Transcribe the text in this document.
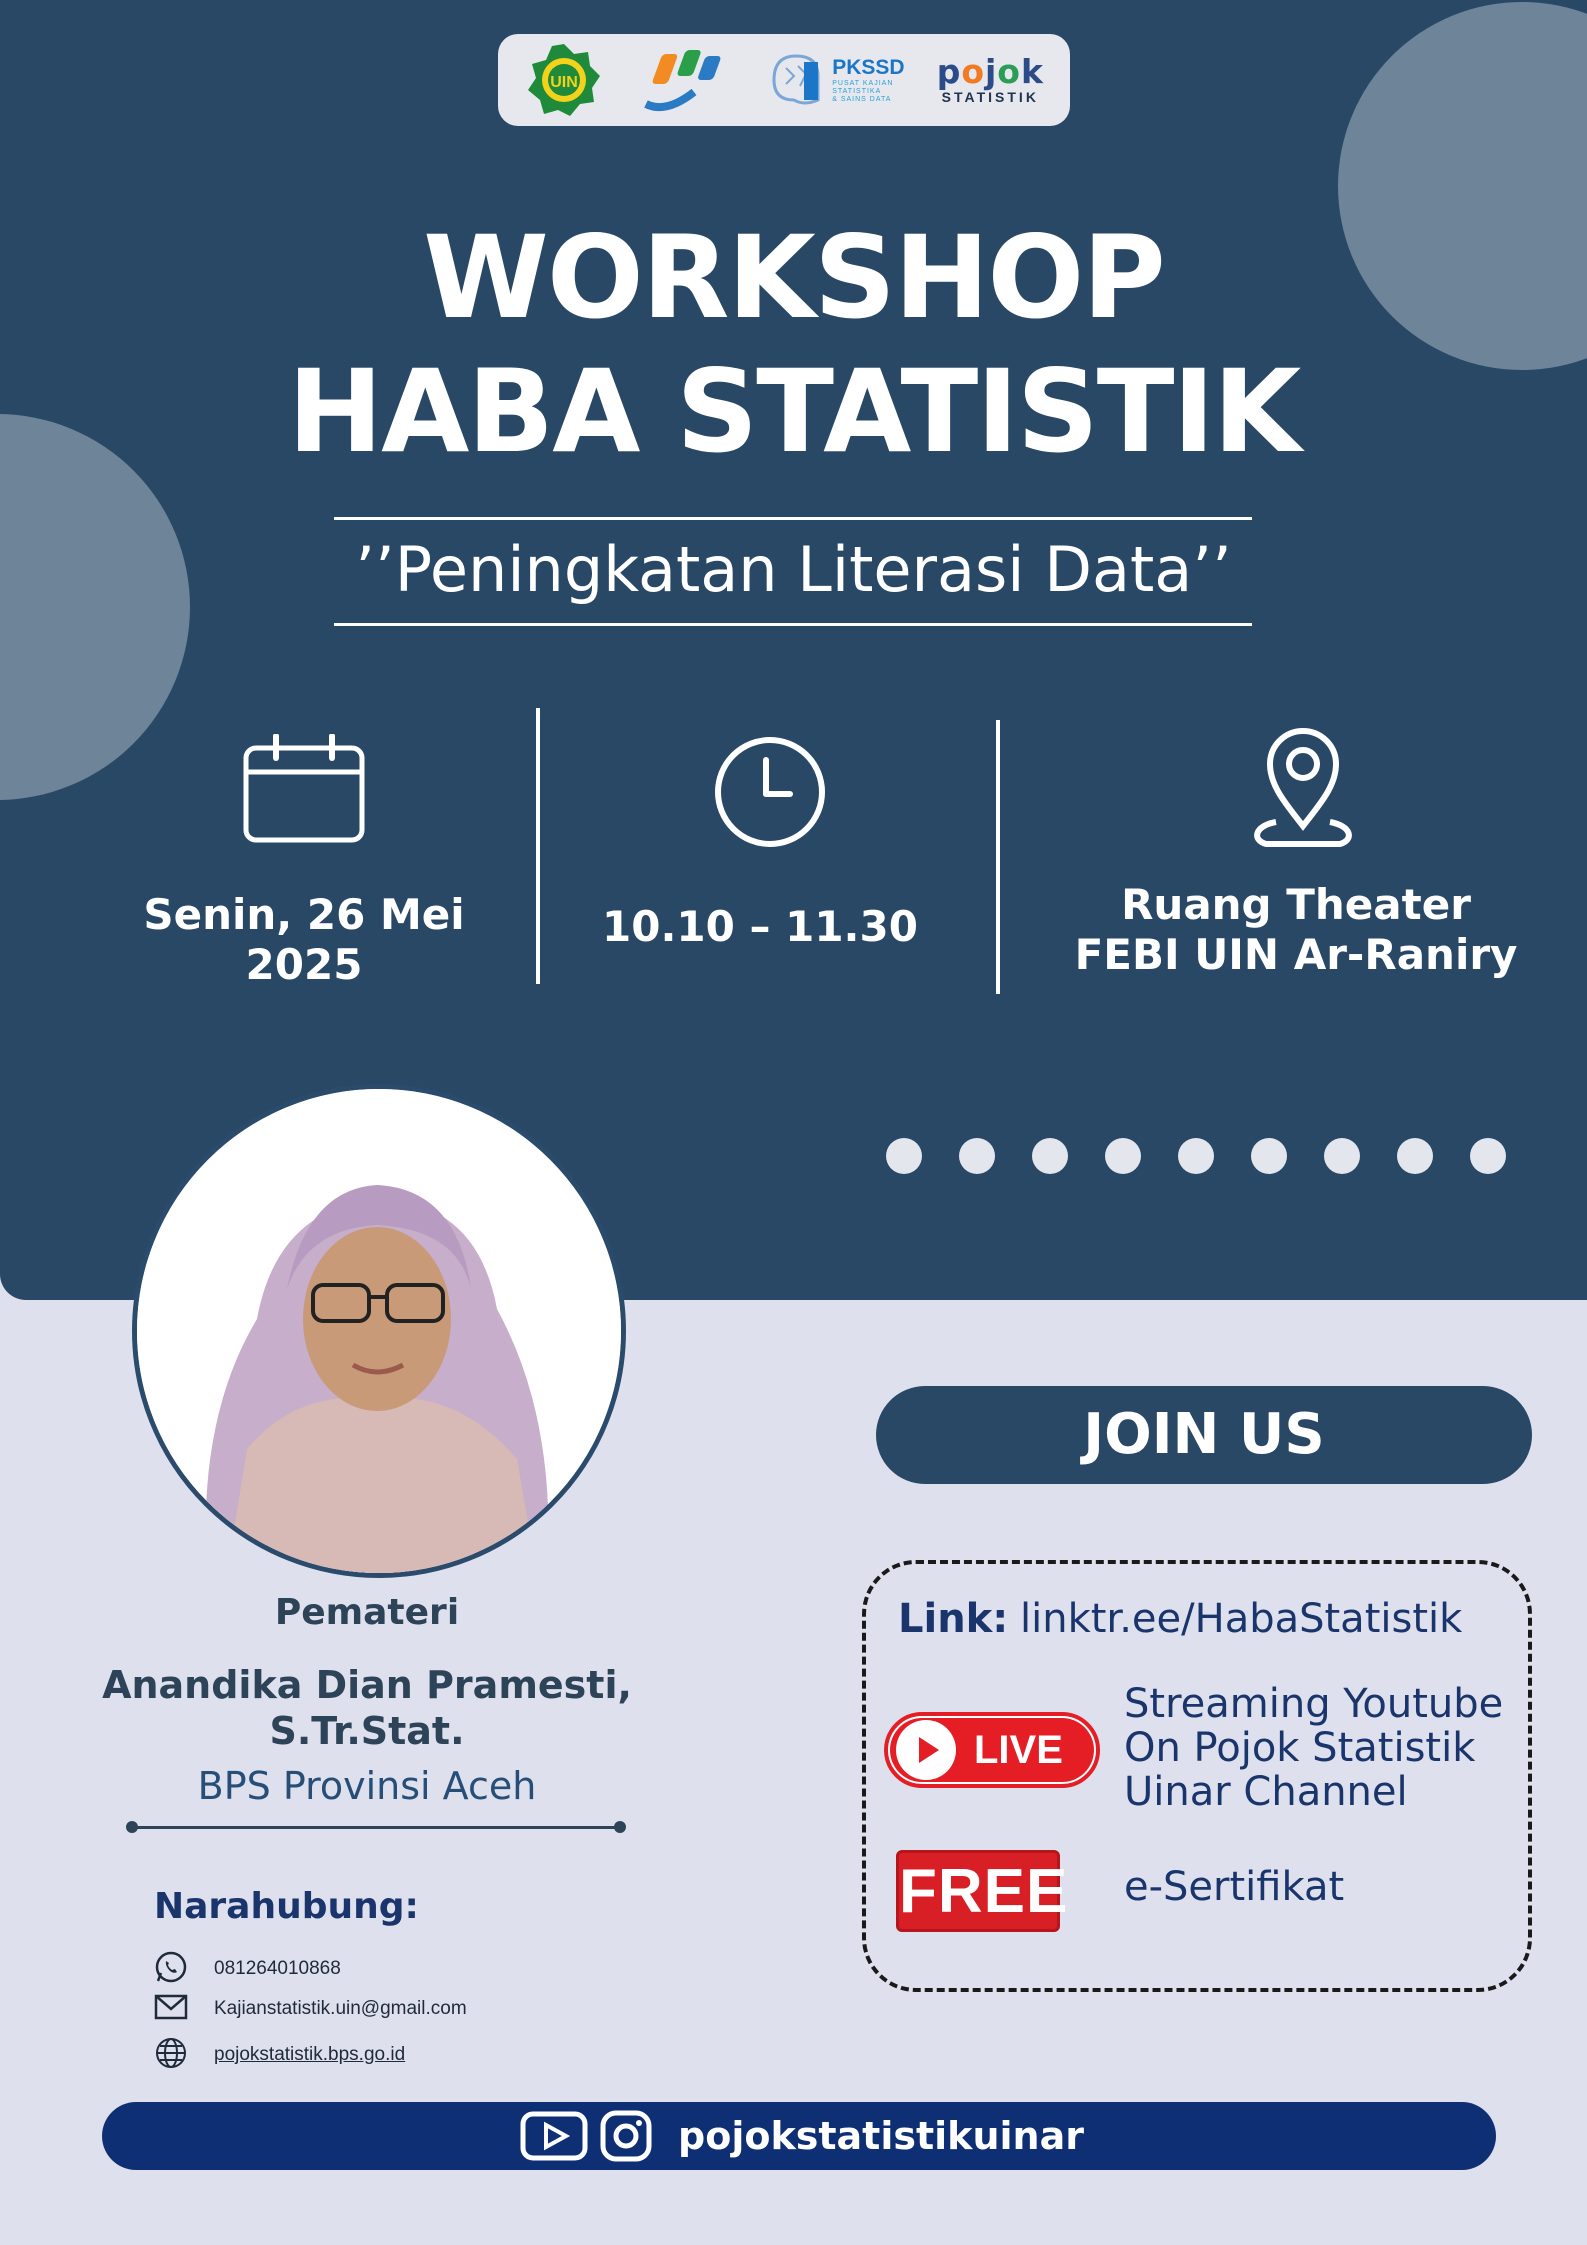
UIN
PKSSD
PUSAT KAJIAN
STATISTIKA
& SAINS DATA
pojok
STATISTIK
WORKSHOP
HABA STATISTIK
’’Peningkatan Literasi Data’’
Senin, 26 Mei
2025
10.10 – 11.30	Ruang Theater
FEBI UIN Ar-Raniry
Pemateri
Anandika Dian Pramesti,
S.Tr.Stat.
BPS Provinsi Aceh
Narahubung:
081264010868
Kajianstatistik.uin@gmail.com
pojokstatistik.bps.go.id
JOIN US
Link: linktr.ee/HabaStatistik
LIVE
Streaming Youtube
On Pojok Statistik
Uinar Channel
FREE e-Sertifikat
pojokstatistikuinar
